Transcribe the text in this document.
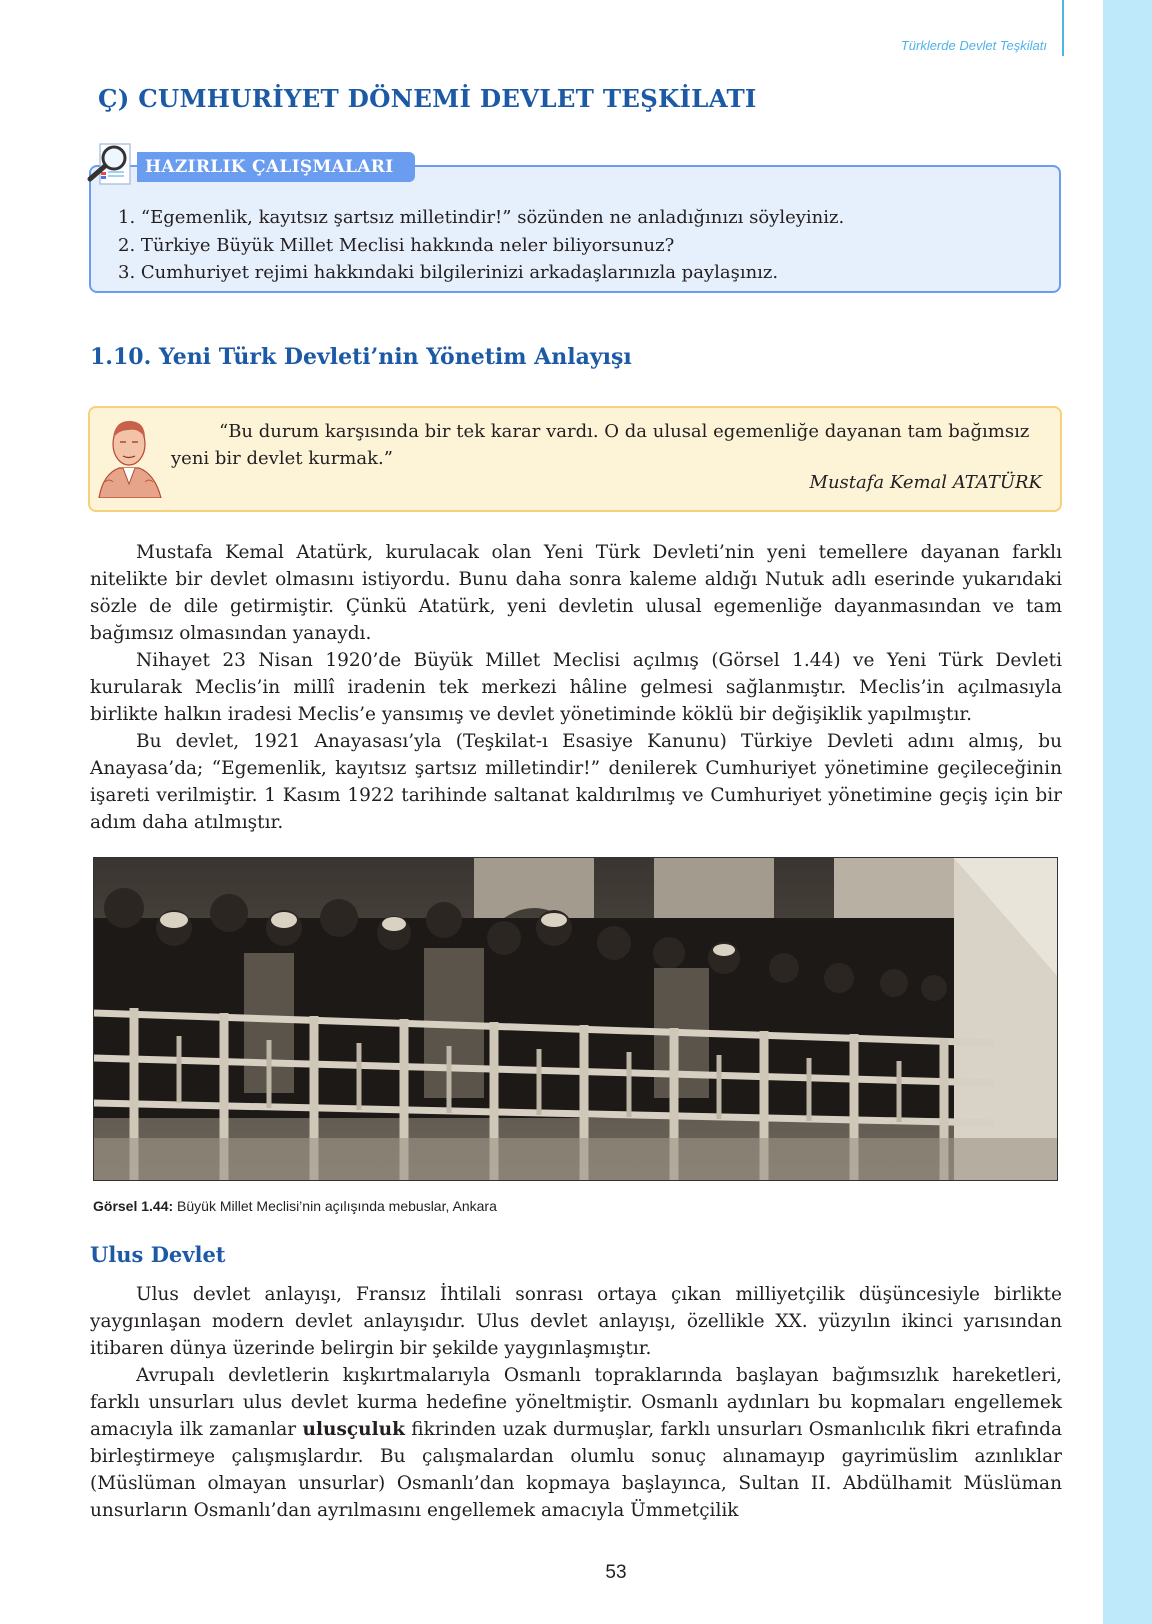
Türklerde Devlet Teşkilatı
Ç) CUMHURİYET DÖNEMİ DEVLET TEŞKİLATI
HAZIRLIK ÇALIŞMALARI
1. “Egemenlik, kayıtsız şartsız milletindir!” sözünden ne anladığınızı söyleyiniz.
2. Türkiye Büyük Millet Meclisi hakkında neler biliyorsunuz?
3. Cumhuriyet rejimi hakkındaki bilgilerinizi arkadaşlarınızla paylaşınız.
1.10. Yeni Türk Devleti’nin Yönetim Anlayışı

“Bu durum karşısında bir tek karar vardı. O da ulusal egemenliğe dayanan tam bağımsız yeni bir devlet kurmak.”

Mustafa Kemal ATATÜRK

Mustafa Kemal Atatürk, kurulacak olan Yeni Türk Devleti’nin yeni temellere dayanan farklı nitelikte bir devlet olmasını istiyordu. Bunu daha sonra kaleme aldığı Nutuk adlı eserinde yukarıdaki sözle de dile getirmiştir. Çünkü Atatürk, yeni devletin ulusal egemenliğe dayanmasından ve tam bağımsız olmasından yanaydı.

Nihayet 23 Nisan 1920’de Büyük Millet Meclisi açılmış (Görsel 1.44) ve Yeni Türk Devleti kurularak Meclis’in millî iradenin tek merkezi hâline gelmesi sağlanmıştır. Meclis’in açılmasıyla birlikte halkın iradesi Meclis’e yansımış ve devlet yönetiminde köklü bir değişiklik yapılmıştır.

Bu devlet, 1921 Anayasası’yla (Teşkilat-ı Esasiye Kanunu) Türkiye Devleti adını almış, bu Anayasa’da; “Egemenlik, kayıtsız şartsız milletindir!” denilerek Cumhuriyet yönetimine geçileceğinin işareti verilmiştir. 1 Kasım 1922 tarihinde saltanat kaldırılmış ve Cumhuriyet yönetimine geçiş için bir adım daha atılmıştır.

Görsel 1.44: Büyük Millet Meclisi’nin açılışında mebuslar, Ankara

Ulus Devlet

Ulus devlet anlayışı, Fransız İhtilali sonrası ortaya çıkan milliyetçilik düşüncesiyle birlikte yaygınlaşan modern devlet anlayışıdır. Ulus devlet anlayışı, özellikle XX. yüzyılın ikinci yarısından itibaren dünya üzerinde belirgin bir şekilde yaygınlaşmıştır.

Avrupalı devletlerin kışkırtmalarıyla Osmanlı topraklarında başlayan bağımsızlık hareketleri, farklı unsurları ulus devlet kurma hedefine yöneltmiştir. Osmanlı aydınları bu kopmaları engellemek amacıyla ilk zamanlar ulusçuluk fikrinden uzak durmuşlar, farklı unsurları Osmanlıcılık fikri etrafında birleştirmeye çalışmışlardır. Bu çalışmalardan olumlu sonuç alınamayıp gayrimüslim azınlıklar (Müslüman olmayan unsurlar) Osmanlı’dan kopmaya başlayınca, Sultan II. Abdülhamit Müslüman unsurların Osmanlı’dan ayrılmasını engellemek amacıyla Ümmetçilik

53
